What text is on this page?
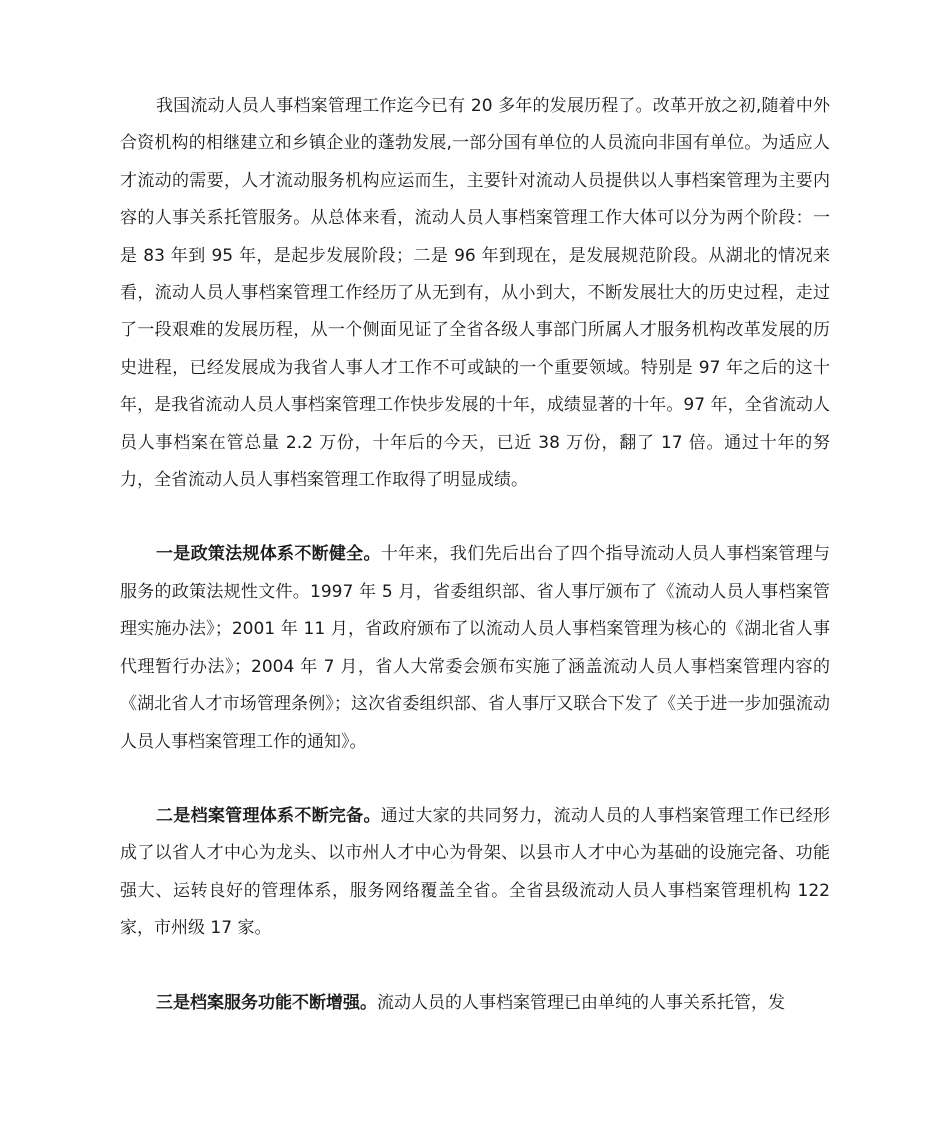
我国流动人员人事档案管理工作迄今已有 20 多年的发展历程了。改革开放之初,随着中外合资机构的相继建立和乡镇企业的蓬勃发展,一部分国有单位的人员流向非国有单位。为适应人才流动的需要，人才流动服务机构应运而生，主要针对流动人员提供以人事档案管理为主要内容的人事关系托管服务。从总体来看，流动人员人事档案管理工作大体可以分为两个阶段：一是 83 年到 95 年，是起步发展阶段；二是 96 年到现在，是发展规范阶段。从湖北的情况来看，流动人员人事档案管理工作经历了从无到有，从小到大，不断发展壮大的历史过程，走过了一段艰难的发展历程，从一个侧面见证了全省各级人事部门所属人才服务机构改革发展的历史进程，已经发展成为我省人事人才工作不可或缺的一个重要领域。特别是 97 年之后的这十年，是我省流动人员人事档案管理工作快步发展的十年，成绩显著的十年。97 年，全省流动人员人事档案在管总量 2.2 万份，十年后的今天，已近 38 万份，翻了 17 倍。通过十年的努力，全省流动人员人事档案管理工作取得了明显成绩。

一是政策法规体系不断健全。十年来，我们先后出台了四个指导流动人员人事档案管理与服务的政策法规性文件。1997 年 5 月，省委组织部、省人事厅颁布了《流动人员人事档案管理实施办法》；2001 年 11 月，省政府颁布了以流动人员人事档案管理为核心的《湖北省人事代理暂行办法》；2004 年 7 月，省人大常委会颁布实施了涵盖流动人员人事档案管理内容的《湖北省人才市场管理条例》；这次省委组织部、省人事厅又联合下发了《关于进一步加强流动人员人事档案管理工作的通知》。

二是档案管理体系不断完备。通过大家的共同努力，流动人员的人事档案管理工作已经形成了以省人才中心为龙头、以市州人才中心为骨架、以县市人才中心为基础的设施完备、功能强大、运转良好的管理体系，服务网络覆盖全省。全省县级流动人员人事档案管理机构 122 家，市州级 17 家。

三是档案服务功能不断增强。流动人员的人事档案管理已由单纯的人事关系托管，发
